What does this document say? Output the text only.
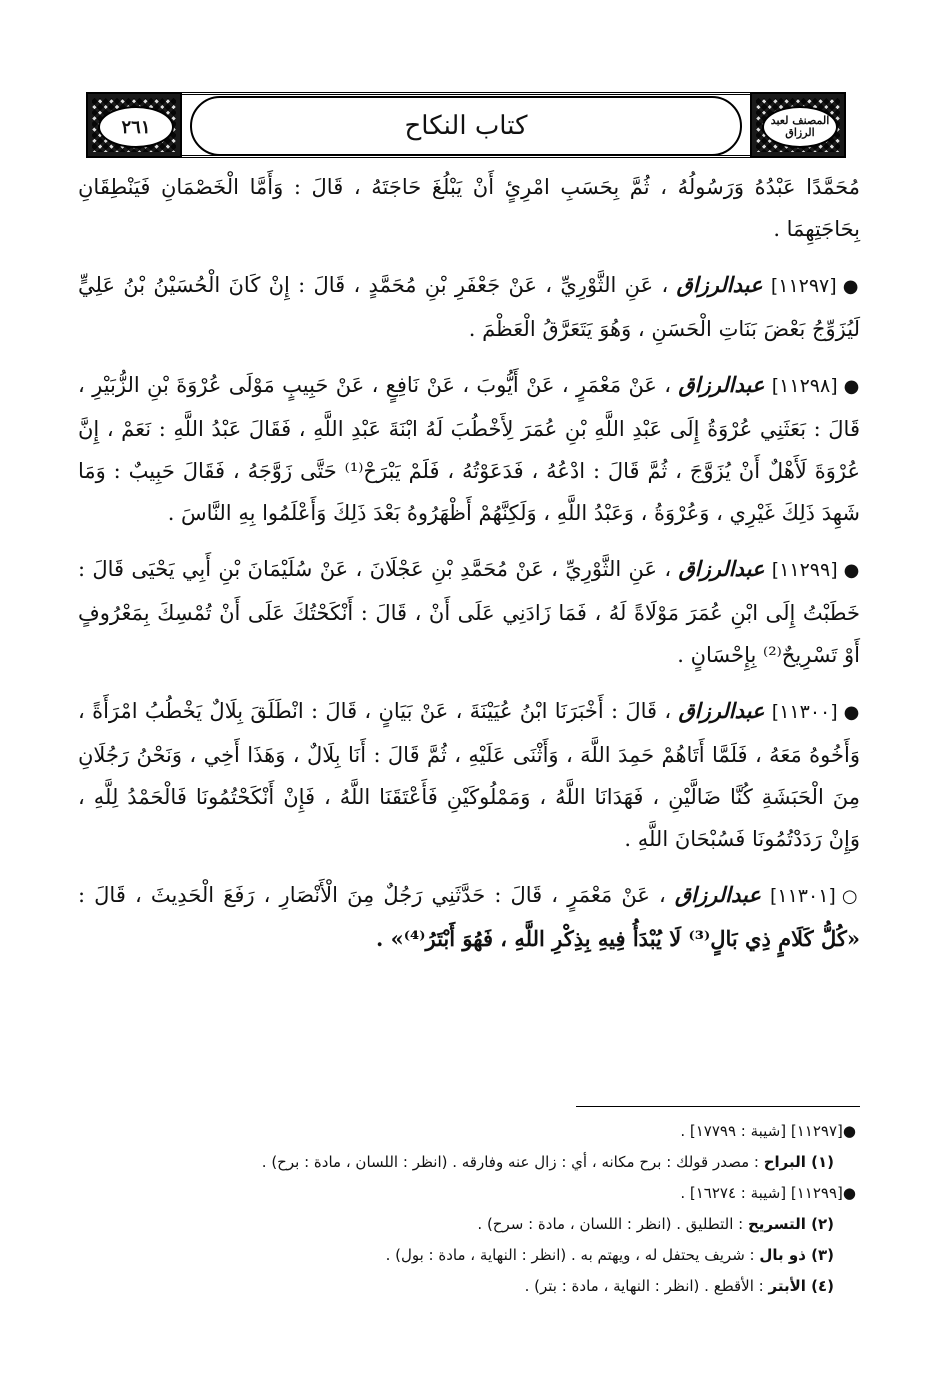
٢٦١	كتاب النكاح	المصنف لعبد الرزاق

مُحَمَّدًا عَبْدُهُ وَرَسُولُهُ ، ثُمَّ بِحَسَبِ امْرِئٍ أَنْ يَبْلُغَ حَاجَتَهُ ، قَالَ : وَأَمَّا الْخَصْمَانِ فَيَنْطِقَانِ بِحَاجَتِهِمَا .

●[١١٢٩٧] عبدالرزاق ، عَنِ الثَّوْرِيِّ ، عَنْ جَعْفَرِ بْنِ مُحَمَّدٍ ، قَالَ : إِنْ كَانَ الْحُسَيْنُ بْنُ عَلِيٍّ لَيُزَوِّجُ بَعْضَ بَنَاتِ الْحَسَنِ ، وَهُوَ يَتَعَرَّقُ الْعَظْمَ .

●[١١٢٩٨] عبدالرزاق ، عَنْ مَعْمَرٍ ، عَنْ أَيُّوبَ ، عَنْ نَافِعٍ ، عَنْ حَبِيبٍ مَوْلَى عُرْوَةَ بْنِ الزُّبَيْرِ ، قَالَ : بَعَثَنِي عُرْوَةُ إِلَى عَبْدِ اللَّهِ بْنِ عُمَرَ لِأَخْطُبَ لَهُ ابْنَةَ عَبْدِ اللَّهِ ، فَقَالَ عَبْدُ اللَّهِ : نَعَمْ ، إِنَّ عُرْوَةَ لَأَهْلٌ أَنْ يُزَوَّجَ ، ثُمَّ قَالَ : ادْعُهُ ، فَدَعَوْتُهُ ، فَلَمْ يَبْرَحْ⁽¹⁾ حَتَّى زَوَّجَهُ ، فَقَالَ حَبِيبٌ : وَمَا شَهِدَ ذَلِكَ غَيْرِي ، وَعُرْوَةُ ، وَعَبْدُ اللَّهِ ، وَلَكِنَّهُمْ أَظْهَرُوهُ بَعْدَ ذَلِكَ وَأَعْلَمُوا بِهِ النَّاسَ .

●[١١٢٩٩] عبدالرزاق ، عَنِ الثَّوْرِيِّ ، عَنْ مُحَمَّدِ بْنِ عَجْلَانَ ، عَنْ سُلَيْمَانَ بْنِ أَبِي يَحْيَى قَالَ : خَطَبْتُ إِلَى ابْنِ عُمَرَ مَوْلَاةً لَهُ ، فَمَا زَادَنِي عَلَى أَنْ ، قَالَ : أَنْكَحْتُكَ عَلَى أَنْ تُمْسِكَ بِمَعْرُوفٍ أَوْ تَسْرِيحٌ⁽²⁾ بِإِحْسَانٍ .

●[١١٣٠٠] عبدالرزاق ، قَالَ : أَخْبَرَنَا ابْنُ عُيَيْنَةَ ، عَنْ بَيَانٍ ، قَالَ : انْطَلَقَ بِلَالٌ يَخْطُبُ امْرَأَةً ، وَأَخُوهُ مَعَهُ ، فَلَمَّا أَتَاهُمْ حَمِدَ اللَّهَ ، وَأَثْنَى عَلَيْهِ ، ثُمَّ قَالَ : أَنَا بِلَالٌ ، وَهَذَا أَخِي ، وَنَحْنُ رَجُلَانِ مِنَ الْحَبَشَةِ كُنَّا ضَالَّيْنِ ، فَهَدَانَا اللَّهُ ، وَمَمْلُوكَيْنِ فَأَعْتَقَنَا اللَّهُ ، فَإِنْ أَنْكَحْتُمُونَا فَالْحَمْدُ لِلَّهِ ، وَإِنْ رَدَدْتُمُونَا فَسُبْحَانَ اللَّهِ .

○[١١٣٠١] عبدالرزاق ، عَنْ مَعْمَرٍ ، قَالَ : حَدَّثَنِي رَجُلٌ مِنَ الْأَنْصَارِ ، رَفَعَ الْحَدِيثَ ، قَالَ : «كُلُّ كَلَامٍ ذِي بَالٍ⁽³⁾ لَا يُبْدَأُ فِيهِ بِذِكْرِ اللَّهِ ، فَهُوَ أَبْتَرُ⁽⁴⁾» .

●[١١٢٩٧] [شيبة : ١٧٧٩٩] .

(١) البراح : مصدر قولك : برح مكانه ، أي : زال عنه وفارقه . (انظر : اللسان ، مادة : برح) .

●[١١٢٩٩] [شيبة : ١٦٢٧٤] .

(٢) التسريح : التطليق . (انظر : اللسان ، مادة : سرح) .

(٣) ذو بال : شريف يحتفل له ، ويهتم به . (انظر : النهاية ، مادة : بول) .

(٤) الأبتر : الأقطع . (انظر : النهاية ، مادة : بتر) .
